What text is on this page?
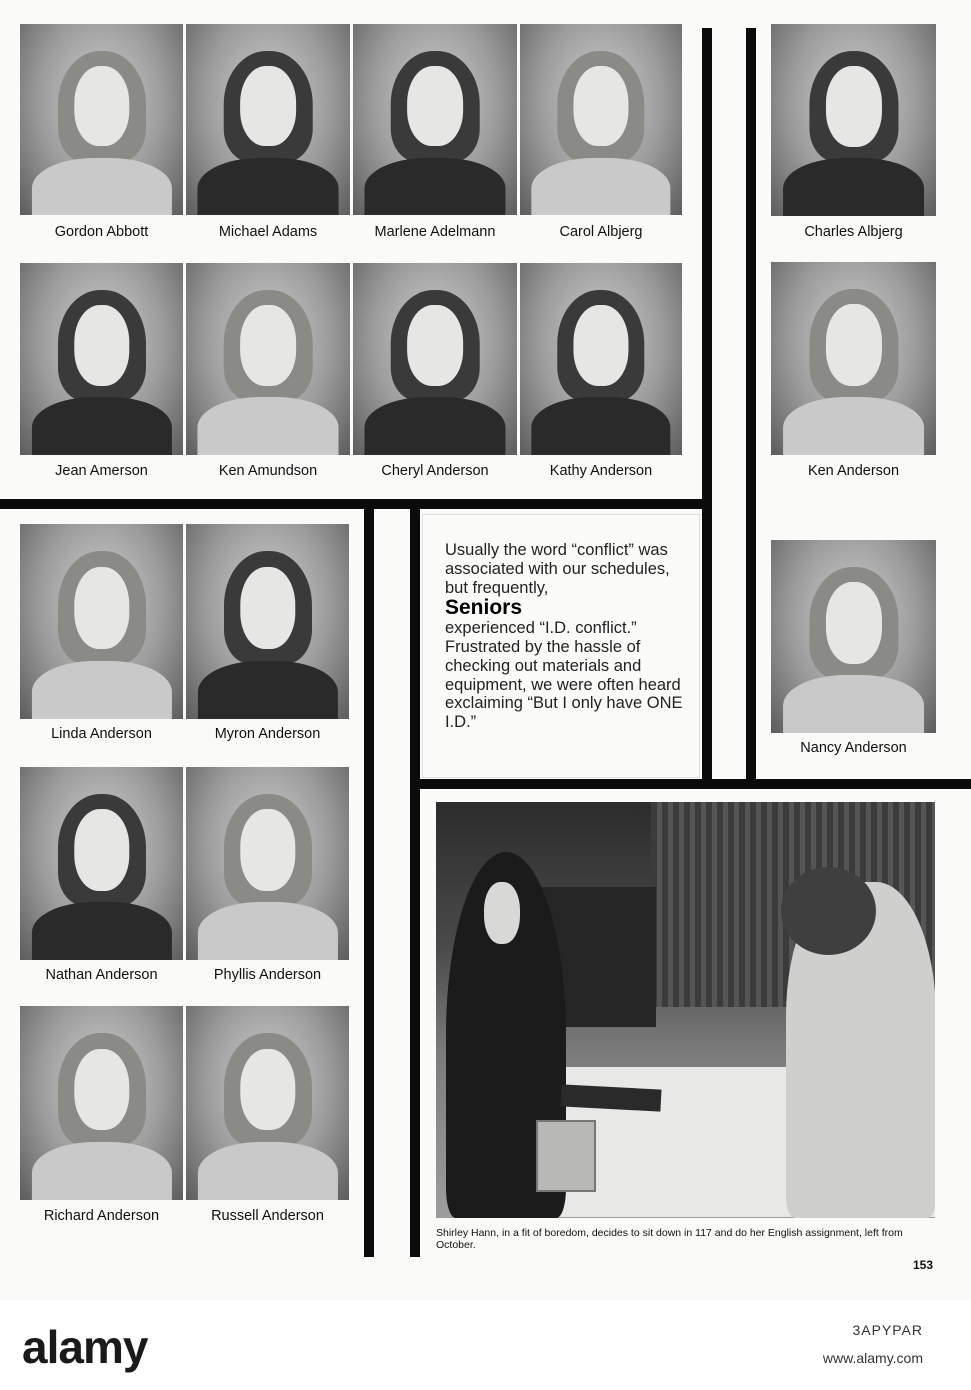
Gordon Abbott	Michael Adams	Marlene Adelmann	Carol Albjerg	Charles Albjerg
Jean Amerson	Ken Amundson	Cheryl Anderson	Kathy Anderson	Ken Anderson
Linda Anderson	Myron Anderson
Nancy Anderson
Nathan Anderson	Phyllis Anderson
Richard Anderson	Russell Anderson

Usually the word “conflict” was associated with our schedules, but frequently,
Seniors
experienced “I.D. conflict.” Frustrated by the hassle of checking out materials and equipment, we were often heard exclaiming “But I only have ONE I.D.”

Shirley Hann, in a fit of boredom, decides to sit down in 117 and do her English assignment, left from October.
153
alamy	3APYPAR
www.alamy.com
